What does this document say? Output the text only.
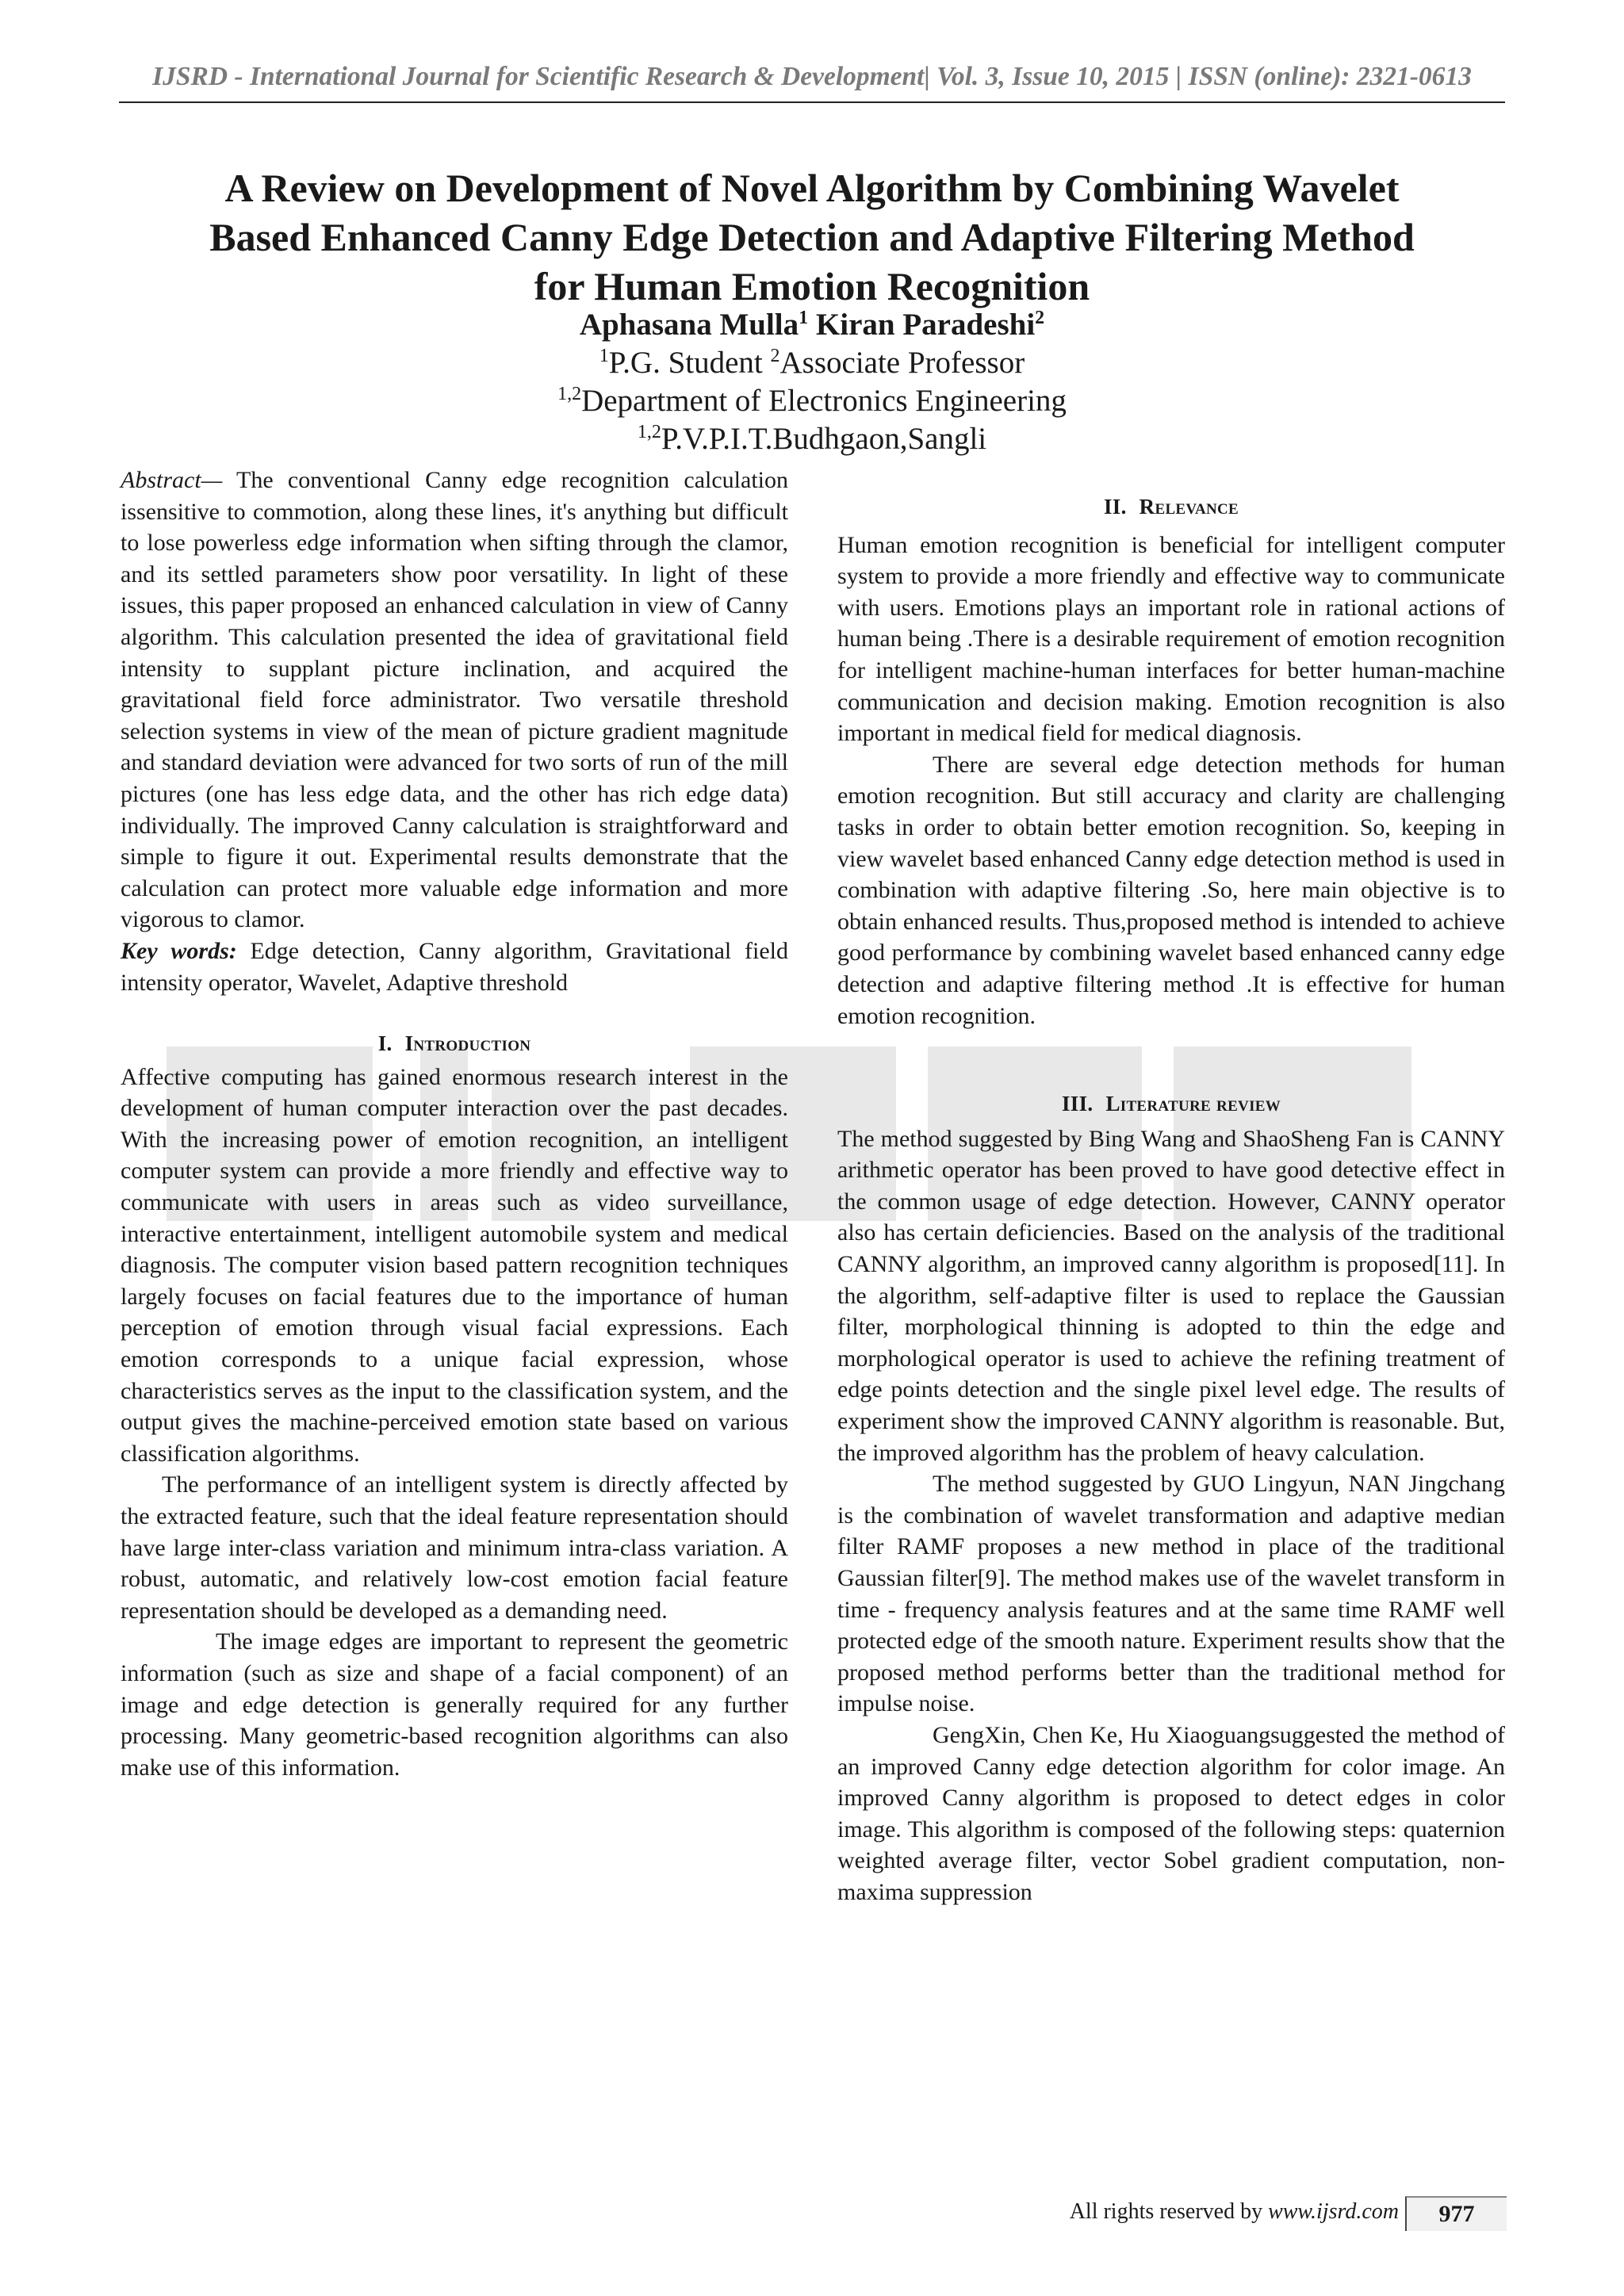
IJSRD - International Journal for Scientific Research & Development| Vol. 3, Issue 10, 2015 | ISSN (online): 2321-0613
A Review on Development of Novel Algorithm by Combining Wavelet
Based Enhanced Canny Edge Detection and Adaptive Filtering Method
for Human Emotion Recognition
Aphasana Mulla$^1$ Kiran Paradeshi$^2$
$^1$P.G. Student $^2$Associate Professor
$^{1,2}$Department of Electronics Engineering
$^{1,2}$P.V.P.I.T.Budhgaon,Sangli

Abstract— The conventional Canny edge recognition calculation issensitive to commotion, along these lines, it's anything but difficult to lose powerless edge information when sifting through the clamor, and its settled parameters show poor versatility. In light of these issues, this paper proposed an enhanced calculation in view of Canny algorithm. This calculation presented the idea of gravitational field intensity to supplant picture inclination, and acquired the gravitational field force administrator. Two versatile threshold selection systems in view of the mean of picture gradient magnitude and standard deviation were advanced for two sorts of run of the mill pictures (one has less edge data, and the other has rich edge data) individually. The improved Canny calculation is straightforward and simple to figure it out. Experimental results demonstrate that the calculation can protect more valuable edge information and more vigorous to clamor.

Key words: Edge detection, Canny algorithm, Gravitational field intensity operator, Wavelet, Adaptive threshold

I. Introduction

Affective computing has gained enormous research interest in the development of human computer interaction over the past decades. With the increasing power of emotion recognition, an intelligent computer system can provide a more friendly and effective way to communicate with users in areas such as video surveillance, interactive entertainment, intelligent automobile system and medical diagnosis. The computer vision based pattern recognition techniques largely focuses on facial features due to the importance of human perception of emotion through visual facial expressions. Each emotion corresponds to a unique facial expression, whose characteristics serves as the input to the classification system, and the output gives the machine-perceived emotion state based on various classification algorithms.

The performance of an intelligent system is directly affected by the extracted feature, such that the ideal feature representation should have large inter-class variation and minimum intra-class variation. A robust, automatic, and relatively low-cost emotion facial feature representation should be developed as a demanding need.

The image edges are important to represent the geometric information (such as size and shape of a facial component) of an image and edge detection is generally required for any further processing. Many geometric-based recognition algorithms can also make use of this information.

II. Relevance

Human emotion recognition is beneficial for intelligent computer system to provide a more friendly and effective way to communicate with users. Emotions plays an important role in rational actions of human being .There is a desirable requirement of emotion recognition for intelligent machine-human interfaces for better human-machine communication and decision making. Emotion recognition is also important in medical field for medical diagnosis.

There are several edge detection methods for human emotion recognition. But still accuracy and clarity are challenging tasks in order to obtain better emotion recognition. So, keeping in view wavelet based enhanced Canny edge detection method is used in combination with adaptive filtering .So, here main objective is to obtain enhanced results. Thus,proposed method is intended to achieve good performance by combining wavelet based enhanced canny edge detection and adaptive filtering method .It is effective for human emotion recognition.

III. Literature review

The method suggested by Bing Wang and ShaoSheng Fan is CANNY arithmetic operator has been proved to have good detective effect in the common usage of edge detection. However, CANNY operator also has certain deficiencies. Based on the analysis of the traditional CANNY algorithm, an improved canny algorithm is proposed[11]. In the algorithm, self-adaptive filter is used to replace the Gaussian filter, morphological thinning is adopted to thin the edge and morphological operator is used to achieve the refining treatment of edge points detection and the single pixel level edge. The results of experiment show the improved CANNY algorithm is reasonable. But, the improved algorithm has the problem of heavy calculation.

The method suggested by GUO Lingyun, NAN Jingchang is the combination of wavelet transformation and adaptive median filter RAMF proposes a new method in place of the traditional Gaussian filter[9]. The method makes use of the wavelet transform in time - frequency analysis features and at the same time RAMF well protected edge of the smooth nature. Experiment results show that the proposed method performs better than the traditional method for impulse noise.

GengXin, Chen Ke, Hu Xiaoguangsuggested the method of an improved Canny edge detection algorithm for color image. An improved Canny algorithm is proposed to detect edges in color image. This algorithm is composed of the following steps: quaternion weighted average filter, vector Sobel gradient computation, non-maxima suppression

All rights reserved by www.ijsrd.com	977
